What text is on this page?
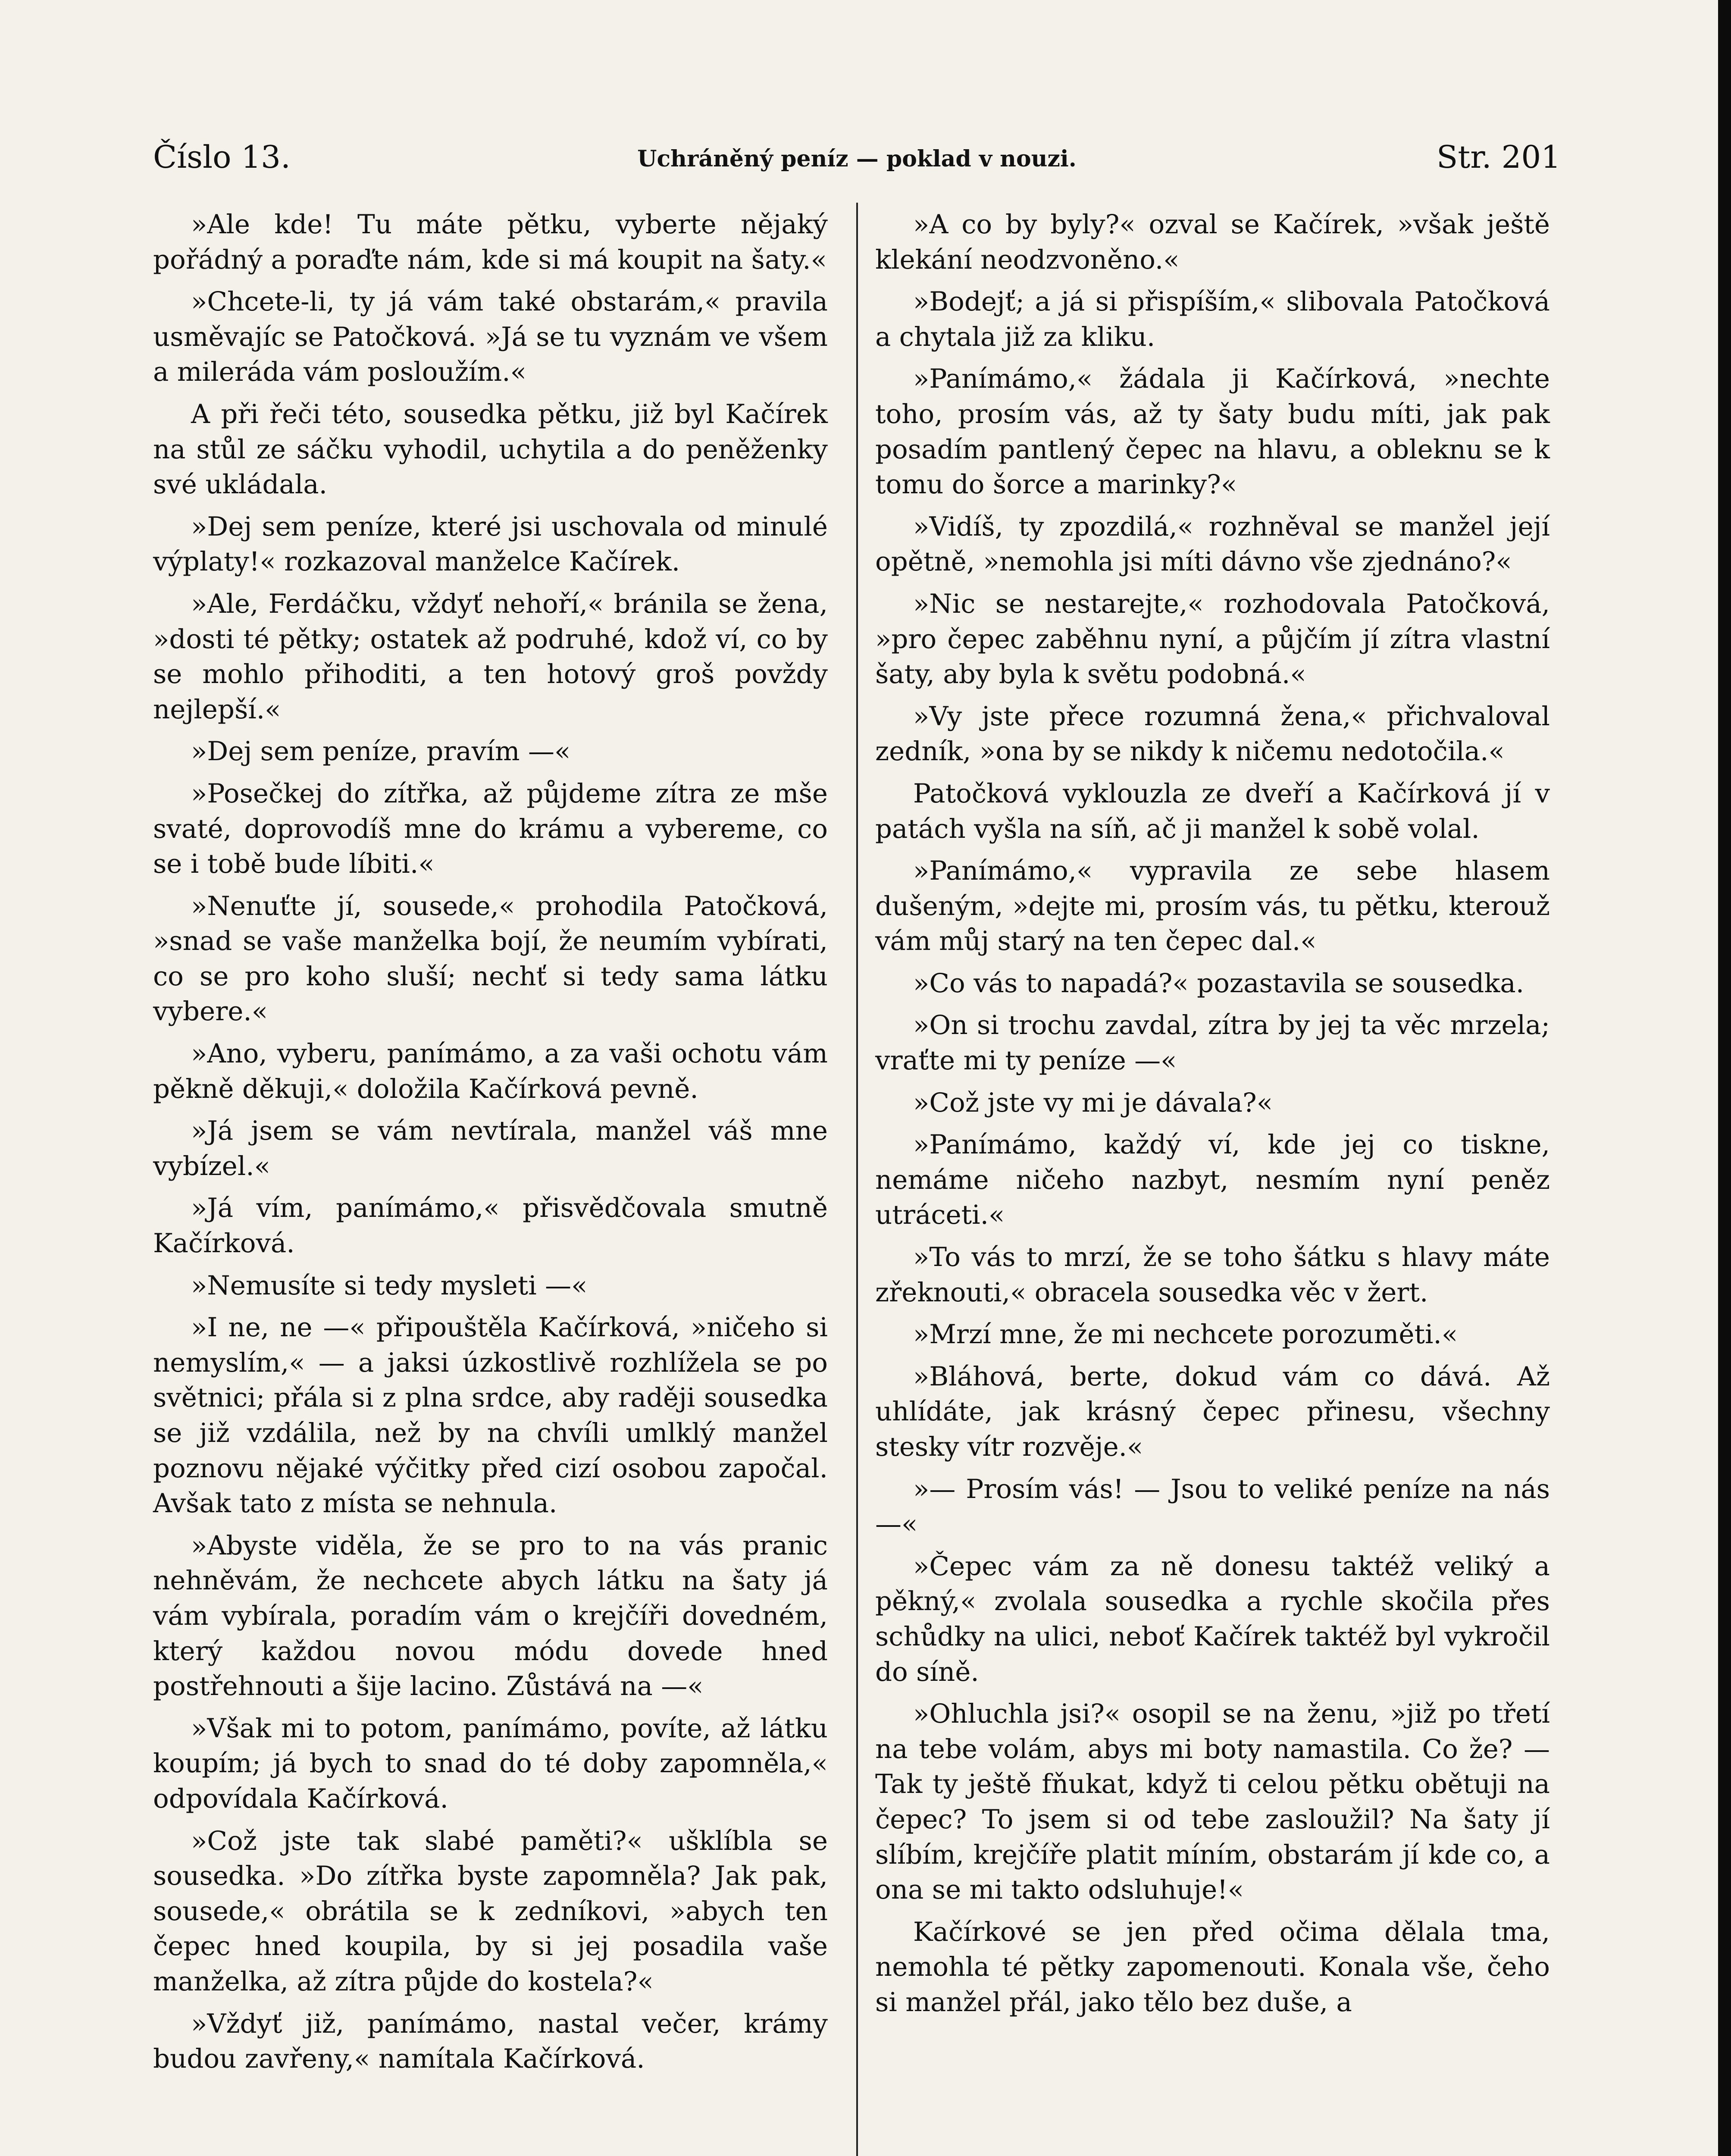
Číslo 13.	Uchráněný peníz — poklad v nouzi.	Str. 201

»Ale kde! Tu máte pětku, vyberte nějaký pořádný a poraďte nám, kde si má koupit na šaty.«

»Chcete-li, ty já vám také obstarám,« pravila usměvajíc se Patočková. »Já se tu vyznám ve všem a mileráda vám posloužím.«

A při řeči této, sousedka pětku, již byl Kačírek na stůl ze sáčku vyhodil, uchytila a do peněženky své ukládala.

»Dej sem peníze, které jsi uschovala od minulé výplaty!« rozkazoval manželce Kačírek.

»Ale, Ferdáčku, vždyť nehoří,« bránila se žena, »dosti té pětky; ostatek až podruhé, kdož ví, co by se mohlo přihoditi, a ten hotový groš povždy nejlepší.«

»Dej sem peníze, pravím —«

»Posečkej do zítřka, až půjdeme zítra ze mše svaté, doprovodíš mne do krámu a vybereme, co se i tobě bude líbiti.«

»Nenuťte jí, sousede,« prohodila Patočková, »snad se vaše manželka bojí, že neumím vybírati, co se pro koho sluší; nechť si tedy sama látku vybere.«

»Ano, vyberu, panímámo, a za vaši ochotu vám pěkně děkuji,« doložila Kačírková pevně.

»Já jsem se vám nevtírala, manžel váš mne vybízel.«

»Já vím, panímámo,« přisvědčovala smutně Kačírková.

»Nemusíte si tedy mysleti —«

»I ne, ne —« připouštěla Kačírková, »ničeho si nemyslím,« — a jaksi úzkostlivě rozhlížela se po světnici; přála si z plna srdce, aby raději sousedka se již vzdálila, než by na chvíli umlklý manžel poznovu nějaké výčitky před cizí osobou započal. Avšak tato z místa se nehnula.

»Abyste viděla, že se pro to na vás pranic nehněvám, že nechcete abych látku na šaty já vám vybírala, poradím vám o krejčíři dovedném, který každou novou módu dovede hned postřehnouti a šije lacino. Zůstává na —«

»Však mi to potom, panímámo, povíte, až látku koupím; já bych to snad do té doby zapomněla,« odpovídala Kačírková.

»Což jste tak slabé paměti?« ušklíbla se sousedka. »Do zítřka byste zapomněla? Jak pak, sousede,« obrátila se k zedníkovi, »abych ten čepec hned koupila, by si jej posadila vaše manželka, až zítra půjde do kostela?«

»Vždyť již, panímámo, nastal večer, krámy budou zavřeny,« namítala Kačírková.

»A co by byly?« ozval se Kačírek, »však ještě klekání neodzvoněno.«

»Bodejť; a já si přispíším,« slibovala Patočková a chytala již za kliku.

»Panímámo,« žádala ji Kačírková, »nechte toho, prosím vás, až ty šaty budu míti, jak pak posadím pantlený čepec na hlavu, a obleknu se k tomu do šorce a marinky?«

»Vidíš, ty zpozdilá,« rozhněval se manžel její opětně, »nemohla jsi míti dávno vše zjednáno?«

»Nic se nestarejte,« rozhodovala Patočková, »pro čepec zaběhnu nyní, a půjčím jí zítra vlastní šaty, aby byla k světu podobná.«

»Vy jste přece rozumná žena,« přichvaloval zedník, »ona by se nikdy k ničemu nedotočila.«

Patočková vyklouzla ze dveří a Kačírková jí v patách vyšla na síň, ač ji manžel k sobě volal.

»Panímámo,« vypravila ze sebe hlasem dušeným, »dejte mi, prosím vás, tu pětku, kterouž vám můj starý na ten čepec dal.«

»Co vás to napadá?« pozastavila se sousedka.

»On si trochu zavdal, zítra by jej ta věc mrzela; vraťte mi ty peníze —«

»Což jste vy mi je dávala?«

»Panímámo, každý ví, kde jej co tiskne, nemáme ničeho nazbyt, nesmím nyní peněz utráceti.«

»To vás to mrzí, že se toho šátku s hlavy máte zřeknouti,« obracela sousedka věc v žert.

»Mrzí mne, že mi nechcete porozuměti.«

»Bláhová, berte, dokud vám co dává. Až uhlídáte, jak krásný čepec přinesu, všechny stesky vítr rozvěje.«

»— Prosím vás! — Jsou to veliké peníze na nás —«

»Čepec vám za ně donesu taktéž veliký a pěkný,« zvolala sousedka a rychle skočila přes schůdky na ulici, neboť Kačírek taktéž byl vykročil do síně.

»Ohluchla jsi?« osopil se na ženu, »již po třetí na tebe volám, abys mi boty namastila. Co že? — Tak ty ještě fňukat, když ti celou pětku obětuji na čepec? To jsem si od tebe zasloužil? Na šaty jí slíbím, krejčíře platit míním, obstarám jí kde co, a ona se mi takto odsluhuje!«

Kačírkové se jen před očima dělala tma, nemohla té pětky zapomenouti. Konala vše, čeho si manžel přál, jako tělo bez duše, a
